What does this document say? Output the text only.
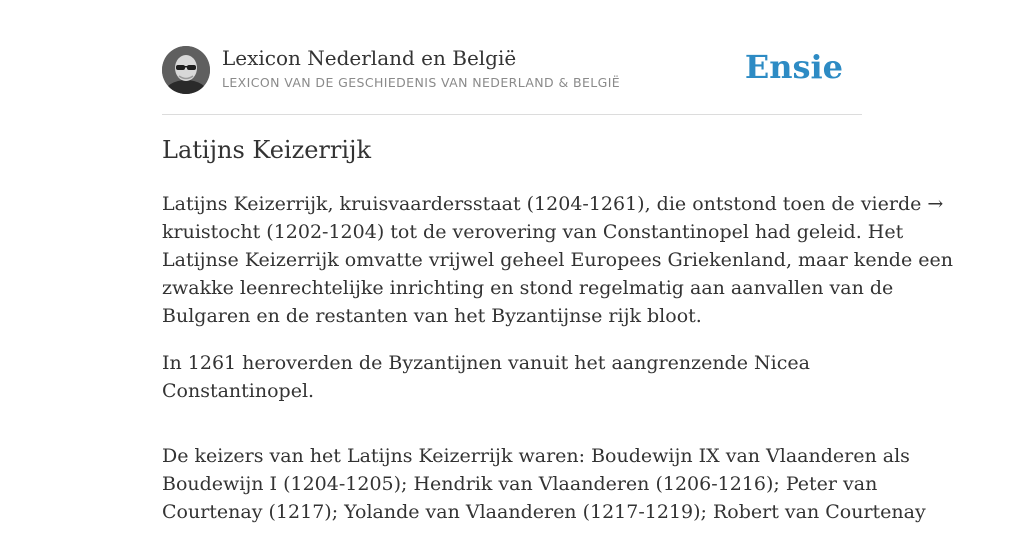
Lexicon Nederland en België
LEXICON VAN DE GESCHIEDENIS VAN NEDERLAND & BELGIË	Ensie
Latijns Keizerrijk

Latijns Keizerrijk, kruisvaardersstaat (1204-1261), die ontstond toen de vierde →
kruistocht (1202-1204) tot de verovering van Constantinopel had geleid. Het
Latijnse Keizerrijk omvatte vrijwel geheel Europees Griekenland, maar kende een
zwakke leenrechtelijke inrichting en stond regelmatig aan aanvallen van de
Bulgaren en de restanten van het Byzantijnse rijk bloot.

In 1261 heroverden de Byzantijnen vanuit het aangrenzende Nicea
Constantinopel.

De keizers van het Latijns Keizerrijk waren: Boudewijn IX van Vlaanderen als
Boudewijn I (1204-1205); Hendrik van Vlaanderen (1206-1216); Peter van
Courtenay (1217); Yolande van Vlaanderen (1217-1219); Robert van Courtenay
